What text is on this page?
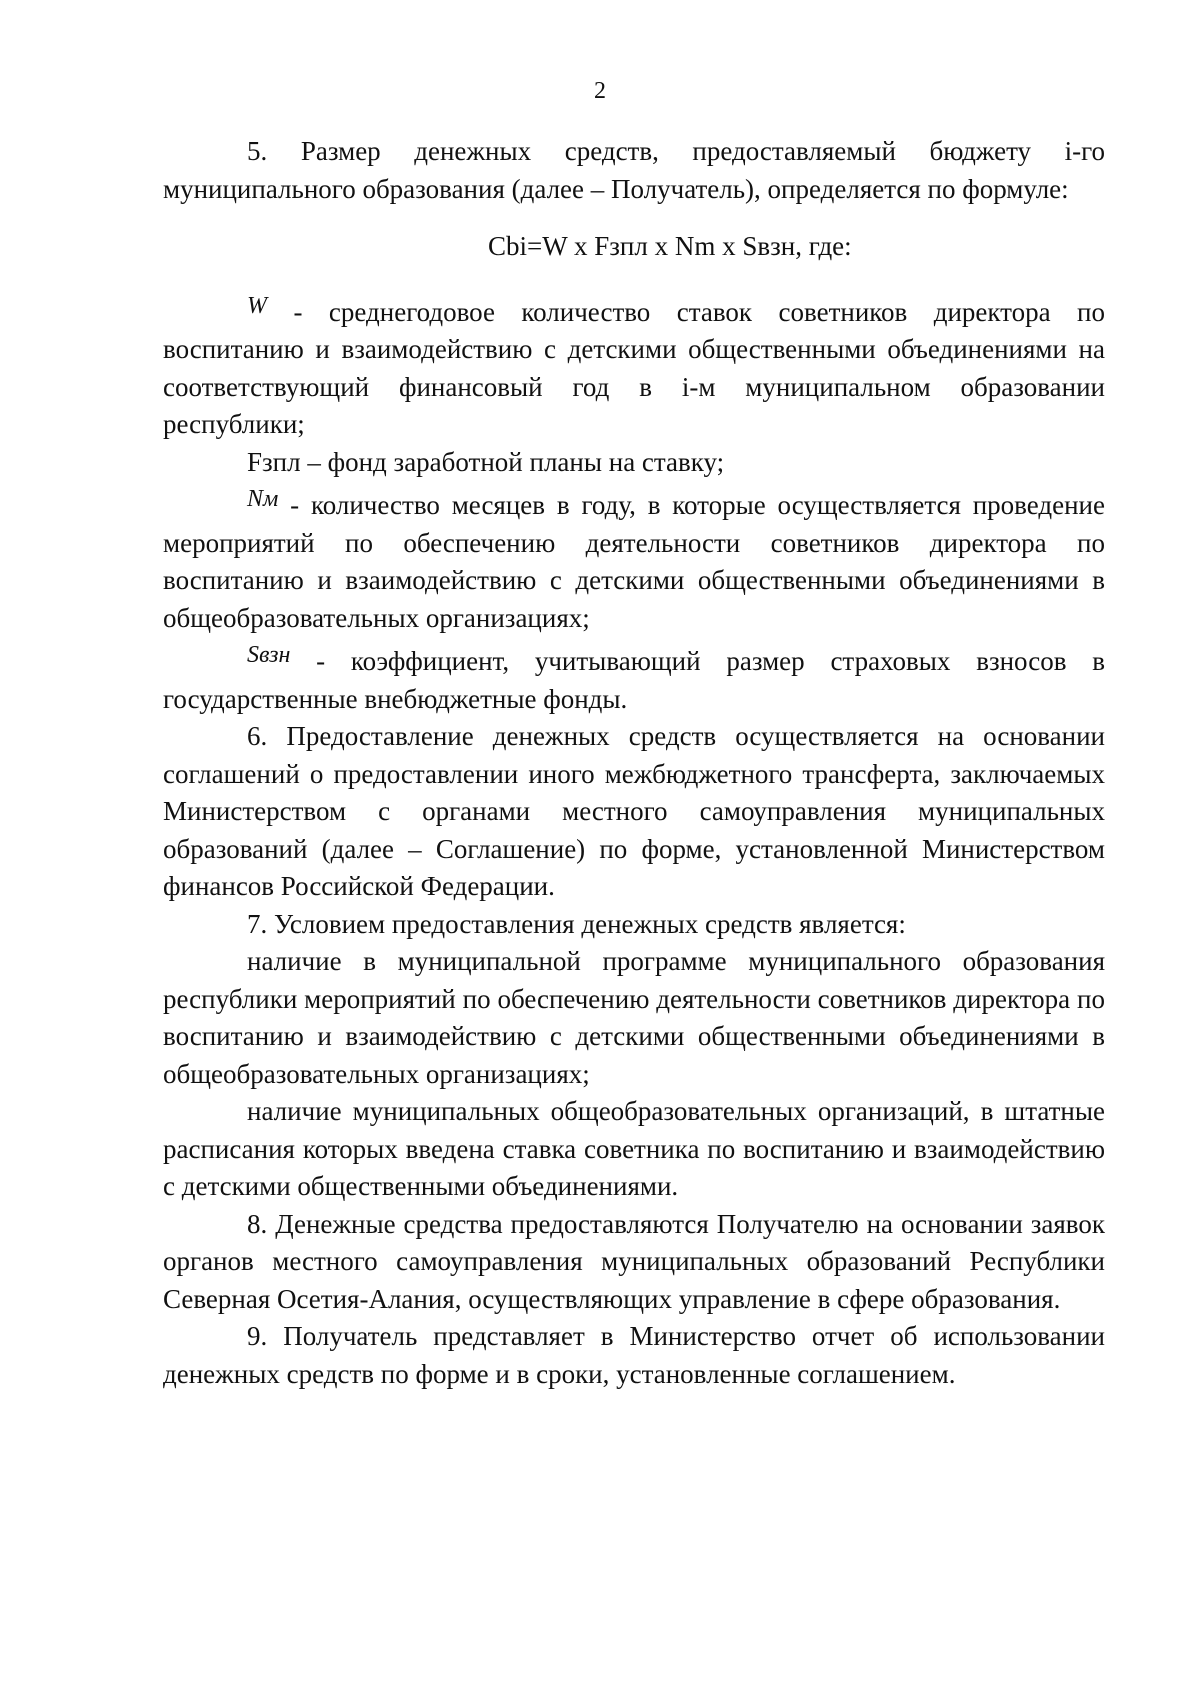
2

5. Размер денежных средств, предоставляемый бюджету i-го муниципального образования (далее – Получатель), определяется по формуле:

Cbi=W x Fзпл x Nm x Sвзн, где:

W - среднегодовое количество ставок советников директора по воспитанию и взаимодействию с детскими общественными объединениями на соответствующий финансовый год в i-м муниципальном образовании республики;

Fзпл – фонд заработной планы на ставку;

Nм - количество месяцев в году, в которые осуществляется проведение мероприятий по обеспечению деятельности советников директора по воспитанию и взаимодействию с детскими общественными объединениями в общеобразовательных организациях;

Sвзн - коэффициент, учитывающий размер страховых взносов в государственные внебюджетные фонды.

6. Предоставление денежных средств осуществляется на основании соглашений о предоставлении иного межбюджетного трансферта, заключаемых Министерством с органами местного самоуправления муниципальных образований (далее – Соглашение) по форме, установленной Министерством финансов Российской Федерации.

7. Условием предоставления денежных средств является:

наличие в муниципальной программе муниципального образования республики мероприятий по обеспечению деятельности советников директора по воспитанию и взаимодействию с детскими общественными объединениями в общеобразовательных организациях;

наличие муниципальных общеобразовательных организаций, в штатные расписания которых введена ставка советника по воспитанию и взаимодействию с детскими общественными объединениями.

8. Денежные средства предоставляются Получателю на основании заявок органов местного самоуправления муниципальных образований Республики Северная Осетия-Алания, осуществляющих управление в сфере образования.

9. Получатель представляет в Министерство отчет об использовании денежных средств по форме и в сроки, установленные соглашением.
